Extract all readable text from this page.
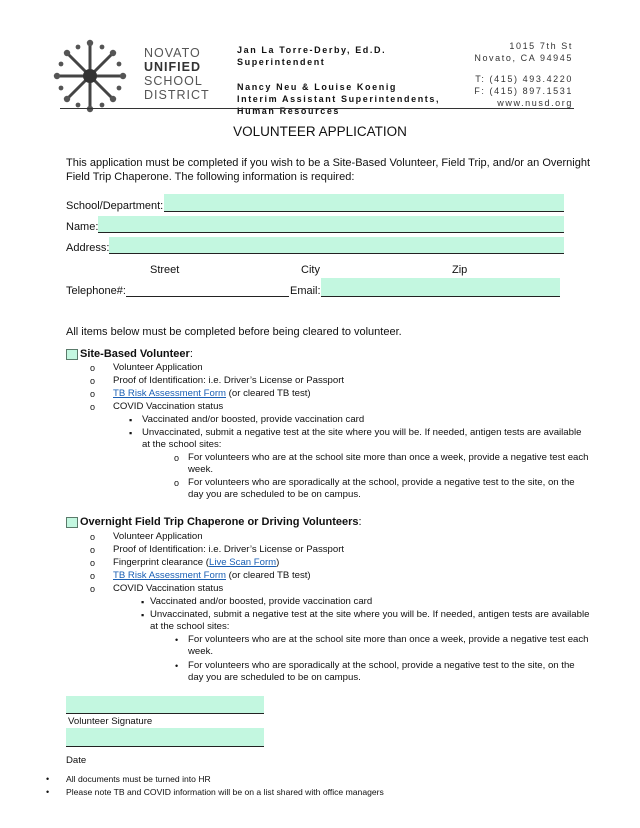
NOVATO
UNIFIED
SCHOOL
DISTRICT
Jan La Torre-Derby, Ed.D.
Superintendent
Nancy Neu & Louise Koenig
Interim Assistant Superintendents,
Human Resources
1015 7th St
Novato, CA 94945
T: (415) 493.4220
F: (415) 897.1531
www.nusd.org
VOLUNTEER APPLICATION
This application must be completed if you wish to be a Site-Based Volunteer, Field Trip, and/or an Overnight
Field Trip Chaperone. The following information is required:
School/Department:
Name:
Address:
Street	City	Zip
Telephone#:	Email:
All items below must be completed before being cleared to volunteer.
Site-Based Volunteer:
o Volunteer Application
o Proof of Identification: i.e. Driver’s License or Passport
o TB Risk Assessment Form (or cleared TB test)
o COVID Vaccination status
▪ Vaccinated and/or boosted, provide vaccination card
▪ Unvaccinated, submit a negative test at the site where you will be. If needed, antigen tests are available
at the school sites:
o For volunteers who are at the school site more than once a week, provide a negative test each
week.
o For volunteers who are sporadically at the school, provide a negative test to the site, on the
day you are scheduled to be on campus.
Overnight Field Trip Chaperone or Driving Volunteers:
o Volunteer Application
o Proof of Identification: i.e. Driver’s License or Passport
o Fingerprint clearance (Live Scan Form)
o TB Risk Assessment Form (or cleared TB test)
o COVID Vaccination status
▪ Vaccinated and/or boosted, provide vaccination card
▪ Unvaccinated, submit a negative test at the site where you will be. If needed, antigen tests are available
at the school sites:
• For volunteers who are at the school site more than once a week, provide a negative test each
week.
• For volunteers who are sporadically at the school, provide a negative test to the site, on the
day you are scheduled to be on campus.
Volunteer Signature
Date
• All documents must be turned into HR
• Please note TB and COVID information will be on a list shared with office managers
